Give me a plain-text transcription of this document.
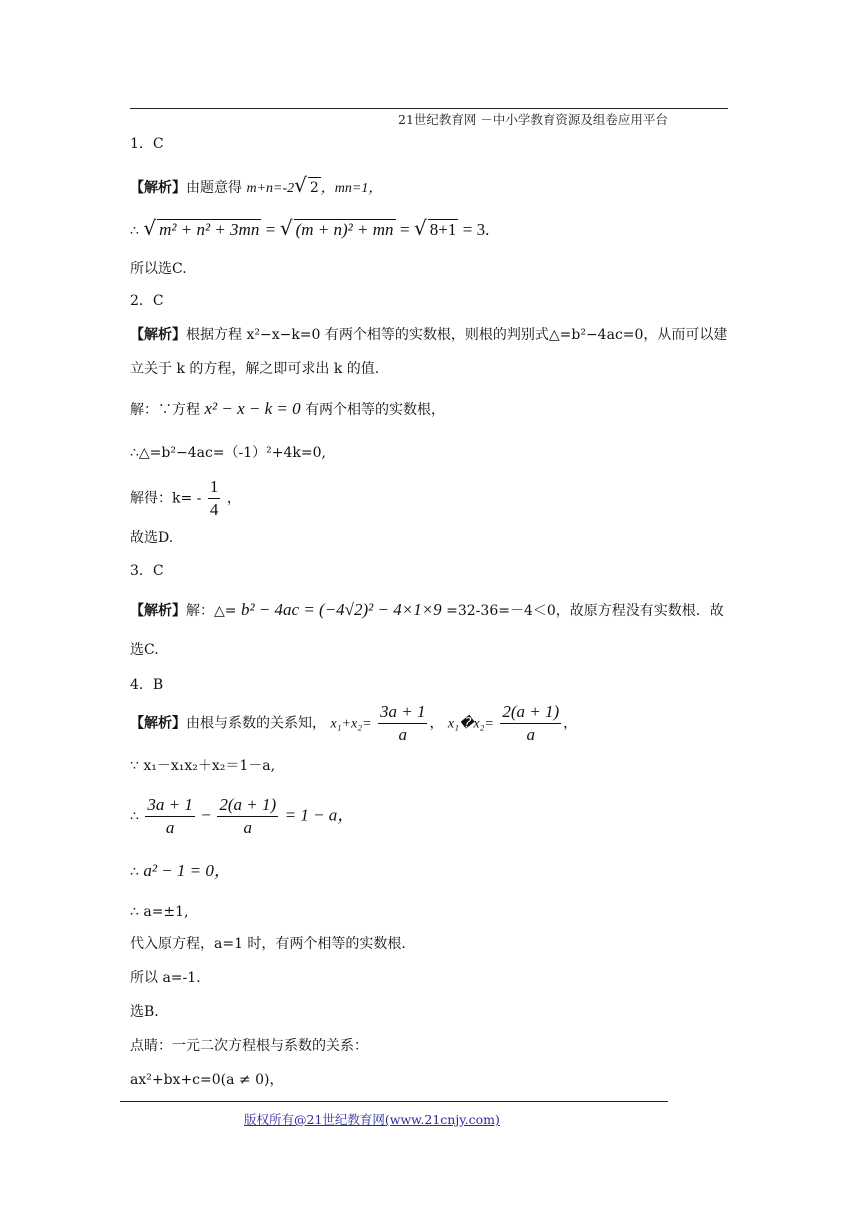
21世纪教育网 －中小学教育资源及组卷应用平台
1．C
【解析】由题意得 m+n=-2√ 2 ，mn=1，
∴ √ m² + n² + 3mn = √ (m + n)² + mn = √ 8+1 = 3.
所以选C.
2．C
【解析】根据方程 x²−x−k=0 有两个相等的实数根，则根的判别式△=b²−4ac=0，从而可以建
立关于 k 的方程，解之即可求出 k 的值.
解：∵方程 x² − x − k = 0 有两个相等的实数根，
∴△=b²−4ac=（-1）²+4k=0,
解得：$k= - \frac{1}{4}$ ，
故选D.
3．C
【解析】解：△= b² − 4ac = (−4√2)² − 4×1×9 =32-36=－4＜0，故原方程没有实数根．故
选C.
4．B
【解析】由根与系数的关系知， $x_1+x_2= \frac{3a + 1}{a}$ ， x₁�x₂= $\frac{2(a + 1)}{a}$ ，
∵ x₁－x₁x₂＋x₂＝1－a,
∴ $\frac{3a + 1}{a} - \frac{2(a + 1)}{a} = 1 - a$，
∴ a² − 1 = 0，
∴ a=±1,
代入原方程，a=1 时，有两个相等的实数根.
所以 a=-1.
选B.
点睛：一元二次方程根与系数的关系：
ax²+bx+c=0(a ≠ 0)，
版权所有@21世纪教育网(www.21cnjy.com)
